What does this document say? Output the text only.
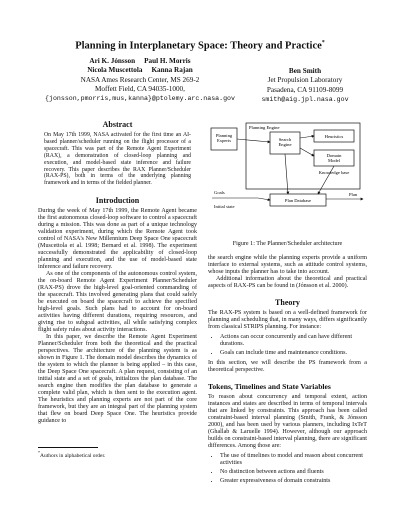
Planning in Interplanetary Space: Theory and Practice*
Ari K. Jónsson     Paul H. Morris
Nicola Muscettola     Kanna Rajan
NASA Ames Research Center, MS 269-2
Moffett Field, CA 94035-1000,
{jonsson,pmorris,mus,kanna}@ptolemy.arc.nasa.gov
Ben Smith
Jet Propulsion Laboratory
Pasadena, CA 91109-8099
smith@aig.jpl.nasa.gov
Abstract
On May 17th 1999, NASA activated for the first time an AI-based planner/scheduler running on the flight processor of a spacecraft. This was part of the Remote Agent Experiment (RAX), a demonstration of closed-loop planning and execution, and model-based state inference and failure recovery. This paper describes the RAX Planner/Scheduler (RAX-PS), both in terms of the underlying planning framework and in terms of the fielded planner.
Introduction

During the week of May 17th 1999, the Remote Agent became the first autonomous closed-loop software to control a spacecraft during a mission. This was done as part of a unique technology validation experiment, during which the Remote Agent took control of NASA's New Millennium Deep Space One spacecraft (Muscettola et al. 1998; Bernard et al. 1998). The experiment successfully demonstrated the applicability of closed-loop planning and execution, and the use of model-based state inference and failure recovery.

As one of the components of the autonomous control system, the on-board Remote Agent Experiment Planner/Scheduler (RAX-PS) drove the high-level goal-oriented commanding of the spacecraft. This involved generating plans that could safely be executed on board the spacecraft to achieve the specified high-level goals. Such plans had to account for on-board activities having different durations, requiring resources, and giving rise to subgoal activities, all while satisfying complex flight safety rules about activity interactions.

In this paper, we describe the Remote Agent Experiment Planner/Scheduler from both the theoretical and the practical perspectives. The architecture of the planning system is as shown in Figure 1. The domain model describes the dynamics of the system to which the planner is being applied – in this case, the Deep Space One spacecraft. A plan request, consisting of an initial state and a set of goals, initializes the plan database. The search engine then modifies the plan database to generate a complete valid plan, which is then sent to the execution agent. The heuristics and planning experts are not part of the core framework, but they are an integral part of the planning system that flew on board Deep Space One. The heuristics provide guidance to

*Authors in alphabetical order.
Planning Experts
Planning Engine
Search Engine
Heuristics
Domain Model
Knowledge base
Plan Database
Goals
Initial state
Plan
Figure 1: The Planner/Scheduler architecture

the search engine while the planning experts provide a uniform interface to external systems, such as attitude control systems, whose inputs the planner has to take into account.

Additional information about the theoretical and practical aspects of RAX-PS can be found in (Jónsson et al. 2000).

Theory

The RAX-PS system is based on a well-defined framework for planning and scheduling that, in many ways, differs significantly from classical STRIPS planning. For instance:

• Actions can occur concurrently and can have different durations.
• Goals can include time and maintenance conditions.

In this section, we will describe the PS framework from a theoretical perspective.

Tokens, Timelines and State Variables

To reason about concurrency and temporal extent, action instances and states are described in terms of temporal intervals that are linked by constraints. This approach has been called constraint-based interval planning (Smith, Frank, & Jónsson 2000), and has been used by various planners, including IxTeT (Ghallab & Laruelle 1994). However, although our approach builds on constraint-based interval planning, there are significant differences. Among those are:

• The use of timelines to model and reason about concurrent activities
• No distinction between actions and fluents
• Greater expressiveness of domain constraints
